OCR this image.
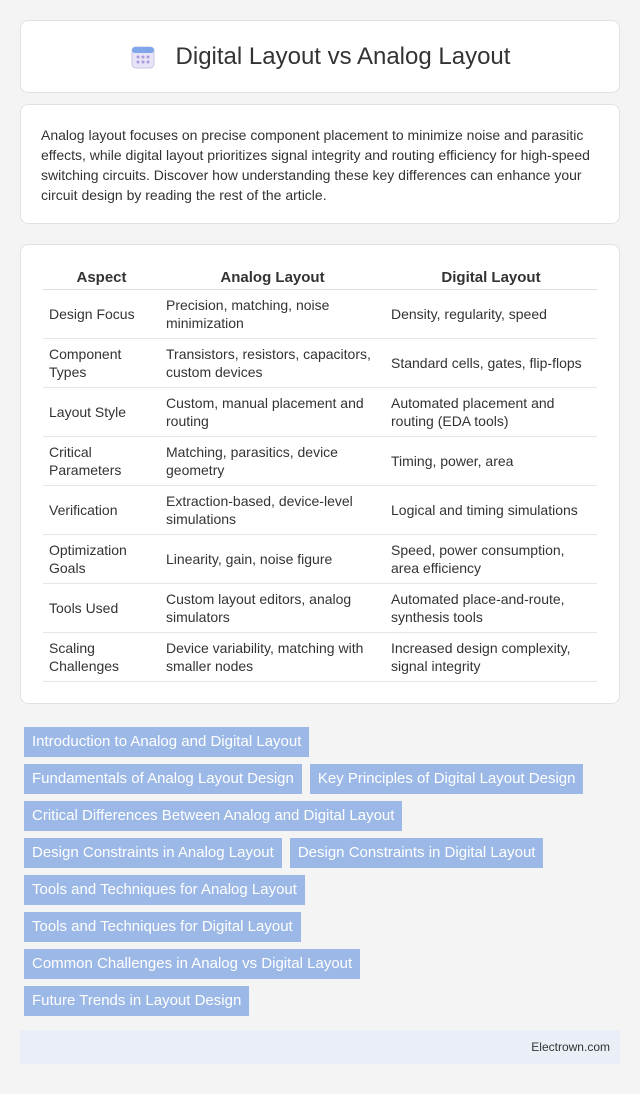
Digital Layout vs Analog Layout

Analog layout focuses on precise component placement to minimize noise and parasitic effects, while digital layout prioritizes signal integrity and routing efficiency for high-speed switching circuits. Discover how understanding these key differences can enhance your circuit design by reading the rest of the article.

Aspect	Analog Layout	Digital Layout
Design Focus	Precision, matching, noise minimization	Density, regularity, speed
Component Types	Transistors, resistors, capacitors, custom devices	Standard cells, gates, flip-flops
Layout Style	Custom, manual placement and routing	Automated placement and routing (EDA tools)
Critical Parameters	Matching, parasitics, device geometry	Timing, power, area
Verification	Extraction-based, device-level simulations	Logical and timing simulations
Optimization Goals	Linearity, gain, noise figure	Speed, power consumption, area efficiency
Tools Used	Custom layout editors, analog simulators	Automated place-and-route, synthesis tools
Scaling Challenges	Device variability, matching with smaller nodes	Increased design complexity, signal integrity
Introduction to Analog and Digital Layout
Fundamentals of Analog Layout Design	Key Principles of Digital Layout Design
Critical Differences Between Analog and Digital Layout
Design Constraints in Analog Layout	Design Constraints in Digital Layout
Tools and Techniques for Analog Layout
Tools and Techniques for Digital Layout
Common Challenges in Analog vs Digital Layout
Future Trends in Layout Design
Electrown.com
